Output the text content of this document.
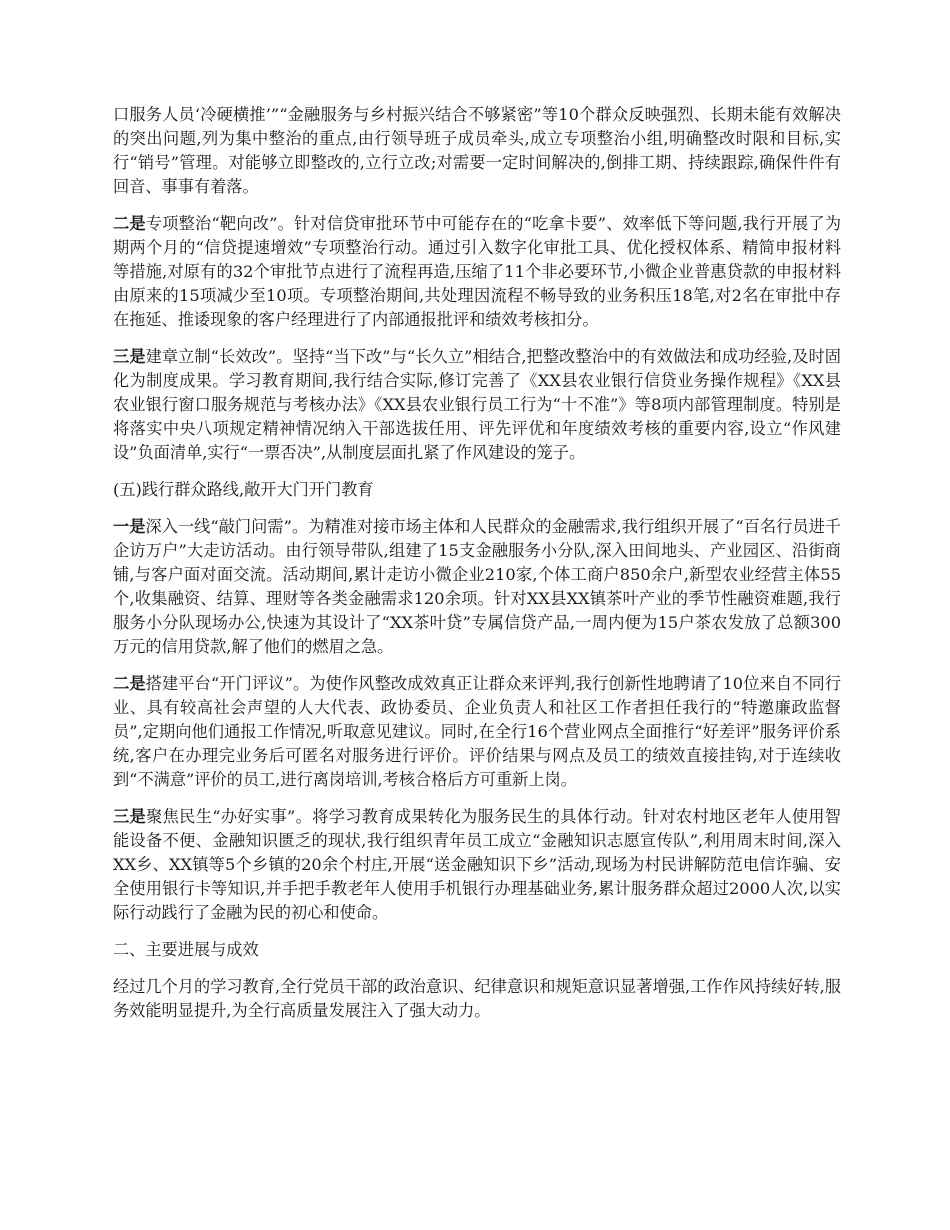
口服务人员‘冷硬横推’”“金融服务与乡村振兴结合不够紧密”等10个群众反映强烈、长期未能有效解决的突出问题,列为集中整治的重点,由行领导班子成员牵头,成立专项整治小组,明确整改时限和目标,实行“销号”管理。对能够立即整改的,立行立改;对需要一定时间解决的,倒排工期、持续跟踪,确保件件有回音、事事有着落。

二是专项整治“靶向改”。针对信贷审批环节中可能存在的“吃拿卡要”、效率低下等问题,我行开展了为期两个月的“信贷提速增效”专项整治行动。通过引入数字化审批工具、优化授权体系、精简申报材料等措施,对原有的32个审批节点进行了流程再造,压缩了11个非必要环节,小微企业普惠贷款的申报材料由原来的15项减少至10项。专项整治期间,共处理因流程不畅导致的业务积压18笔,对2名在审批中存在拖延、推诿现象的客户经理进行了内部通报批评和绩效考核扣分。

三是建章立制“长效改”。坚持“当下改”与“长久立”相结合,把整改整治中的有效做法和成功经验,及时固化为制度成果。学习教育期间,我行结合实际,修订完善了《XX县农业银行信贷业务操作规程》《XX县农业银行窗口服务规范与考核办法》《XX县农业银行员工行为“十不准”》等8项内部管理制度。特别是将落实中央八项规定精神情况纳入干部选拔任用、评先评优和年度绩效考核的重要内容,设立“作风建设”负面清单,实行“一票否决”,从制度层面扎紧了作风建设的笼子。

(五)践行群众路线,敞开大门开门教育

一是深入一线“敲门问需”。为精准对接市场主体和人民群众的金融需求,我行组织开展了“百名行员进千企访万户”大走访活动。由行领导带队,组建了15支金融服务小分队,深入田间地头、产业园区、沿街商铺,与客户面对面交流。活动期间,累计走访小微企业210家,个体工商户850余户,新型农业经营主体55个,收集融资、结算、理财等各类金融需求120余项。针对XX县XX镇茶叶产业的季节性融资难题,我行服务小分队现场办公,快速为其设计了“XX茶叶贷”专属信贷产品,一周内便为15户茶农发放了总额300万元的信用贷款,解了他们的燃眉之急。

二是搭建平台“开门评议”。为使作风整改成效真正让群众来评判,我行创新性地聘请了10位来自不同行业、具有较高社会声望的人大代表、政协委员、企业负责人和社区工作者担任我行的“特邀廉政监督员”,定期向他们通报工作情况,听取意见建议。同时,在全行16个营业网点全面推行“好差评”服务评价系统,客户在办理完业务后可匿名对服务进行评价。评价结果与网点及员工的绩效直接挂钩,对于连续收到“不满意”评价的员工,进行离岗培训,考核合格后方可重新上岗。

三是聚焦民生“办好实事”。将学习教育成果转化为服务民生的具体行动。针对农村地区老年人使用智能设备不便、金融知识匮乏的现状,我行组织青年员工成立“金融知识志愿宣传队”,利用周末时间,深入XX乡、XX镇等5个乡镇的20余个村庄,开展“送金融知识下乡”活动,现场为村民讲解防范电信诈骗、安全使用银行卡等知识,并手把手教老年人使用手机银行办理基础业务,累计服务群众超过2000人次,以实际行动践行了金融为民的初心和使命。

二、主要进展与成效

经过几个月的学习教育,全行党员干部的政治意识、纪律意识和规矩意识显著增强,工作作风持续好转,服务效能明显提升,为全行高质量发展注入了强大动力。
